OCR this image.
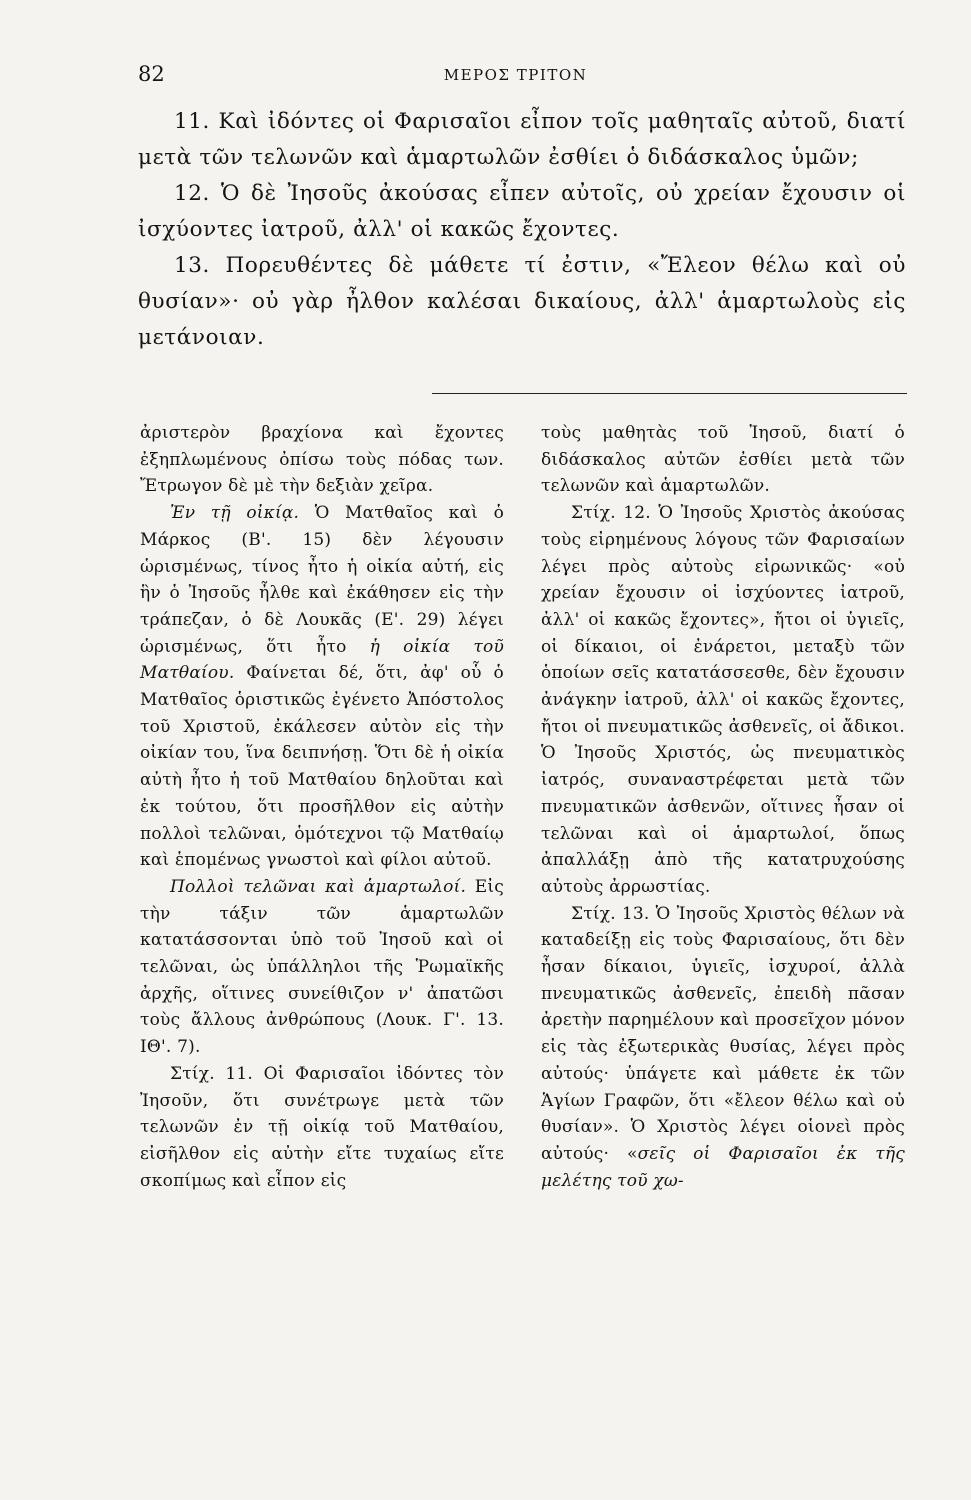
82	ΜΕΡΟΣ ΤΡΙΤΟΝ

11. Καὶ ἰδόντες οἱ Φαρισαῖοι εἶπον τοῖς μαθηταῖς αὐτοῦ, διατί μετὰ τῶν τελωνῶν καὶ ἁμαρτωλῶν ἐσθίει ὁ διδάσκαλος ὑμῶν;

12. Ὁ δὲ Ἰησοῦς ἀκούσας εἶπεν αὐτοῖς, οὐ χρείαν ἔχουσιν οἱ ἰσχύοντες ἰατροῦ, ἀλλ' οἱ κακῶς ἔχοντες.

13. Πορευθέντες δὲ μάθετε τί ἐστιν, «Ἔλεον θέλω καὶ οὐ θυσίαν»· οὐ γὰρ ἦλθον καλέσαι δικαίους, ἀλλ' ἁμαρτωλοὺς εἰς μετάνοιαν.

ἀριστερὸν βραχίονα καὶ ἔχοντες ἐξηπλωμένους ὀπίσω τοὺς πόδας των. Ἔτρωγον δὲ μὲ τὴν δεξιὰν χεῖρα.

Ἐν τῇ οἰκίᾳ. Ὁ Ματθαῖος καὶ ὁ Μάρκος (Β'. 15) δὲν λέγουσιν ὡρισμένως, τίνος ἦτο ἡ οἰκία αὐτή, εἰς ἣν ὁ Ἰησοῦς ἦλθε καὶ ἐκάθησεν εἰς τὴν τράπεζαν, ὁ δὲ Λουκᾶς (Ε'. 29) λέγει ὡρισμένως, ὅτι ἦτο ἡ οἰκία τοῦ Ματθαίου. Φαίνεται δέ, ὅτι, ἀφ' οὗ ὁ Ματθαῖος ὁριστικῶς ἐγένετο Ἀπόστολος τοῦ Χριστοῦ, ἐκάλεσεν αὐτὸν εἰς τὴν οἰκίαν του, ἵνα δειπνήσῃ. Ὅτι δὲ ἡ οἰκία αὐτὴ ἦτο ἡ τοῦ Ματθαίου δηλοῦται καὶ ἐκ τούτου, ὅτι προσῆλθον εἰς αὐτὴν πολλοὶ τελῶναι, ὁμότεχνοι τῷ Ματθαίῳ καὶ ἑπομένως γνωστοὶ καὶ φίλοι αὐτοῦ.

Πολλοὶ τελῶναι καὶ ἁμαρτωλοί. Εἰς τὴν τάξιν τῶν ἁμαρτωλῶν κατατάσσονται ὑπὸ τοῦ Ἰησοῦ καὶ οἱ τελῶναι, ὡς ὑπάλληλοι τῆς Ῥωμαϊκῆς ἀρχῆς, οἵτινες συνείθιζον ν' ἀπατῶσι τοὺς ἄλλους ἀνθρώπους (Λουκ. Γ'. 13. ΙΘ'. 7).

Στίχ. 11. Οἱ Φαρισαῖοι ἰδόντες τὸν Ἰησοῦν, ὅτι συνέτρωγε μετὰ τῶν τελωνῶν ἐν τῇ οἰκίᾳ τοῦ Ματθαίου, εἰσῆλθον εἰς αὐτὴν εἴτε τυχαίως εἴτε σκοπίμως καὶ εἶπον εἰς

τοὺς μαθητὰς τοῦ Ἰησοῦ, διατί ὁ διδάσκαλος αὐτῶν ἐσθίει μετὰ τῶν τελωνῶν καὶ ἁμαρτωλῶν.

Στίχ. 12. Ὁ Ἰησοῦς Χριστὸς ἀκούσας τοὺς εἰρημένους λόγους τῶν Φαρισαίων λέγει πρὸς αὐτοὺς εἰρωνικῶς· «οὐ χρείαν ἔχουσιν οἱ ἰσχύοντες ἰατροῦ, ἀλλ' οἱ κακῶς ἔχοντες», ἤτοι οἱ ὑγιεῖς, οἱ δίκαιοι, οἱ ἐνάρετοι, μεταξὺ τῶν ὁποίων σεῖς κατατάσσεσθε, δὲν ἔχουσιν ἀνάγκην ἰατροῦ, ἀλλ' οἱ κακῶς ἔχοντες, ἤτοι οἱ πνευματικῶς ἀσθενεῖς, οἱ ἄδικοι. Ὁ Ἰησοῦς Χριστός, ὡς πνευματικὸς ἰατρός, συναναστρέφεται μετὰ τῶν πνευματικῶν ἀσθενῶν, οἵτινες ἦσαν οἱ τελῶναι καὶ οἱ ἁμαρτωλοί, ὅπως ἀπαλλάξῃ ἀπὸ τῆς κατατρυχούσης αὐτοὺς ἀρρωστίας.

Στίχ. 13. Ὁ Ἰησοῦς Χριστὸς θέλων νὰ καταδείξῃ εἰς τοὺς Φαρισαίους, ὅτι δὲν ἦσαν δίκαιοι, ὑγιεῖς, ἰσχυροί, ἀλλὰ πνευματικῶς ἀσθενεῖς, ἐπειδὴ πᾶσαν ἀρετὴν παρημέλουν καὶ προσεῖχον μόνον εἰς τὰς ἐξωτερικὰς θυσίας, λέγει πρὸς αὐτούς· ὑπάγετε καὶ μάθετε ἐκ τῶν Ἁγίων Γραφῶν, ὅτι «ἔλεον θέλω καὶ οὐ θυσίαν». Ὁ Χριστὸς λέγει οἱονεὶ πρὸς αὐτούς· «σεῖς οἱ Φαρισαῖοι ἐκ τῆς μελέτης τοῦ χω-
